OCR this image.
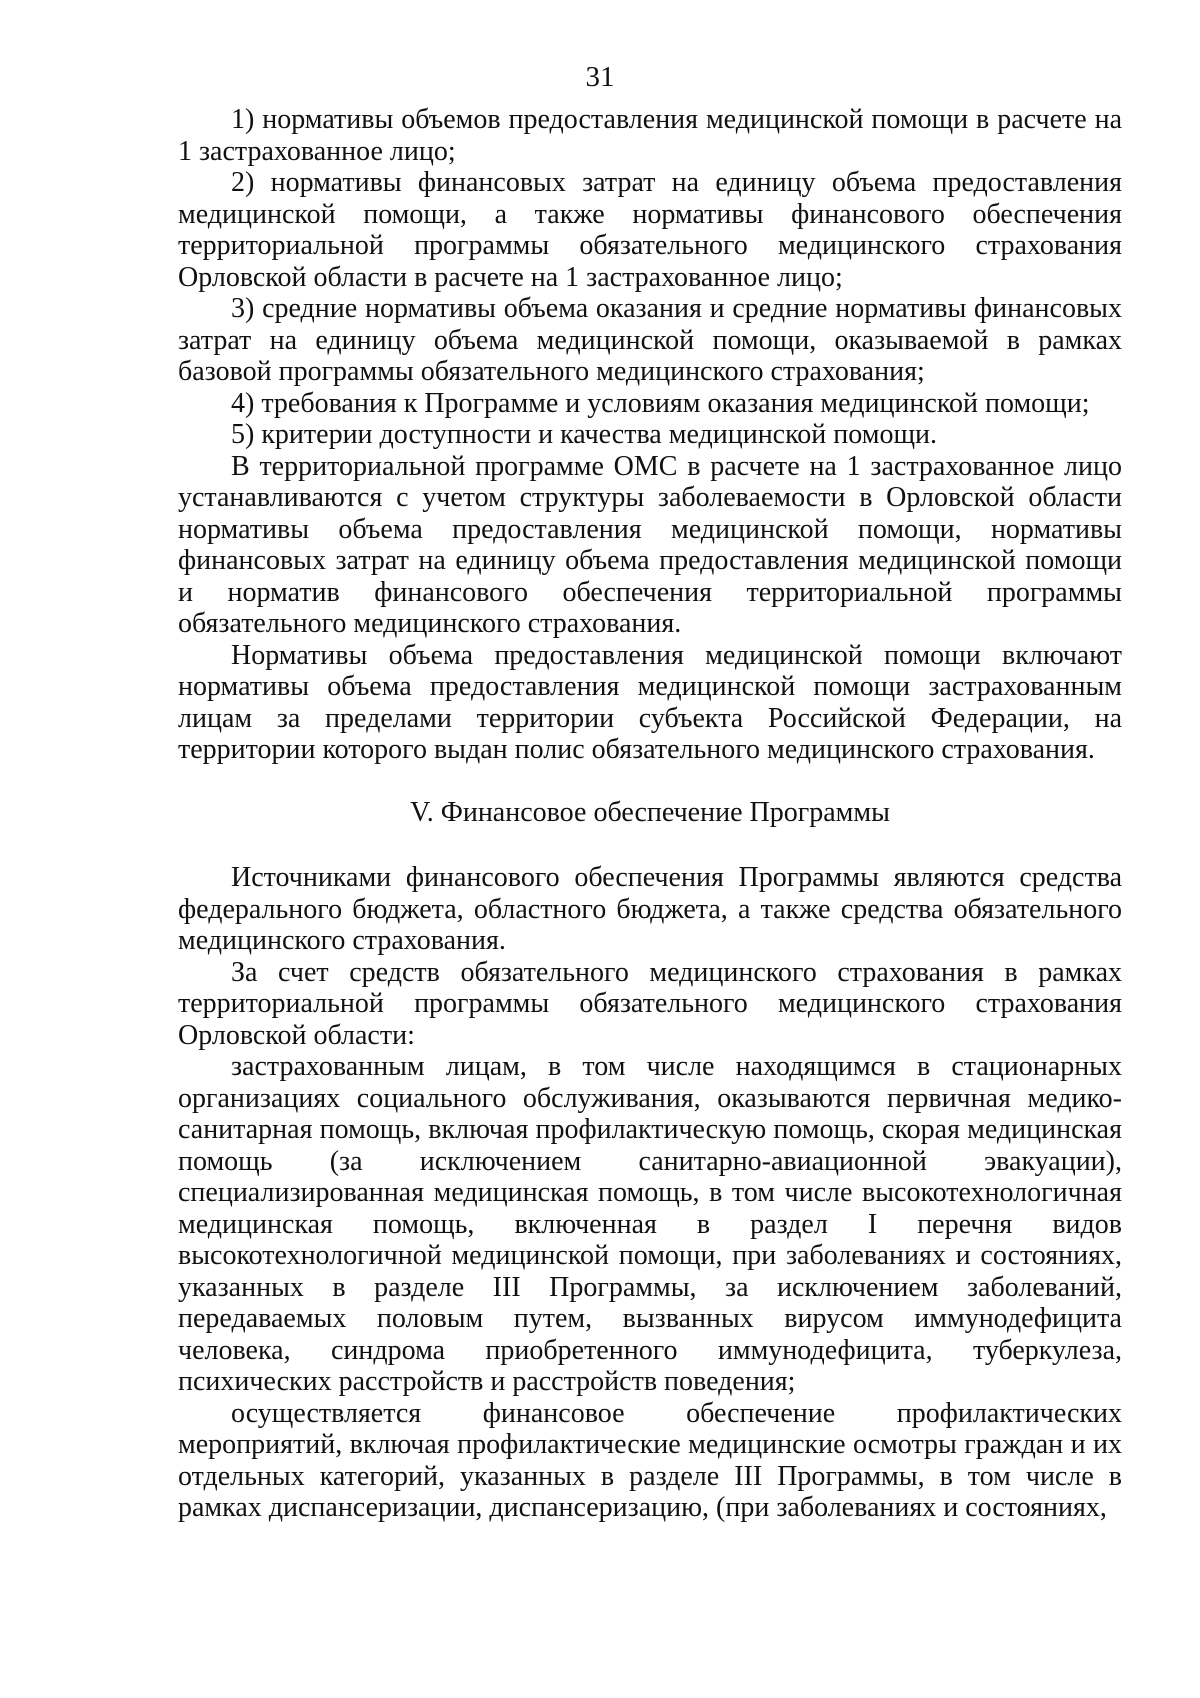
31

1) нормативы объемов предоставления медицинской помощи в расчете на 1 застрахованное лицо;

2) нормативы финансовых затрат на единицу объема предоставления медицинской помощи, а также нормативы финансового обеспечения территориальной программы обязательного медицинского страхования Орловской области в расчете на 1 застрахованное лицо;

3) средние нормативы объема оказания и средние нормативы финансовых затрат на единицу объема медицинской помощи, оказываемой в рамках базовой программы обязательного медицинского страхования;

4) требования к Программе и условиям оказания медицинской помощи;

5) критерии доступности и качества медицинской помощи.

В территориальной программе ОМС в расчете на 1 застрахованное лицо устанавливаются с учетом структуры заболеваемости в Орловской области нормативы объема предоставления медицинской помощи, нормативы финансовых затрат на единицу объема предоставления медицинской помощи и норматив финансового обеспечения территориальной программы обязательного медицинского страхования.

Нормативы объема предоставления медицинской помощи включают нормативы объема предоставления медицинской помощи застрахованным лицам за пределами территории субъекта Российской Федерации, на территории которого выдан полис обязательного медицинского страхования.

V. Финансовое обеспечение Программы

Источниками финансового обеспечения Программы являются средства федерального бюджета, областного бюджета, а также средства обязательного медицинского страхования.

За счет средств обязательного медицинского страхования в рамках территориальной программы обязательного медицинского страхования Орловской области:

застрахованным лицам, в том числе находящимся в стационарных организациях социального обслуживания, оказываются первичная медико-санитарная помощь, включая профилактическую помощь, скорая медицинская помощь (за исключением санитарно-авиационной эвакуации), специализированная медицинская помощь, в том числе высокотехнологичная медицинская помощь, включенная в раздел I перечня видов высокотехнологичной медицинской помощи, при заболеваниях и состояниях, указанных в разделе III Программы, за исключением заболеваний, передаваемых половым путем, вызванных вирусом иммунодефицита человека, синдрома приобретенного иммунодефицита, туберкулеза, психических расстройств и расстройств поведения;

осуществляется финансовое обеспечение профилактических мероприятий, включая профилактические медицинские осмотры граждан и их отдельных категорий, указанных в разделе III Программы, в том числе в рамках диспансеризации, диспансеризацию, (при заболеваниях и состояниях,
